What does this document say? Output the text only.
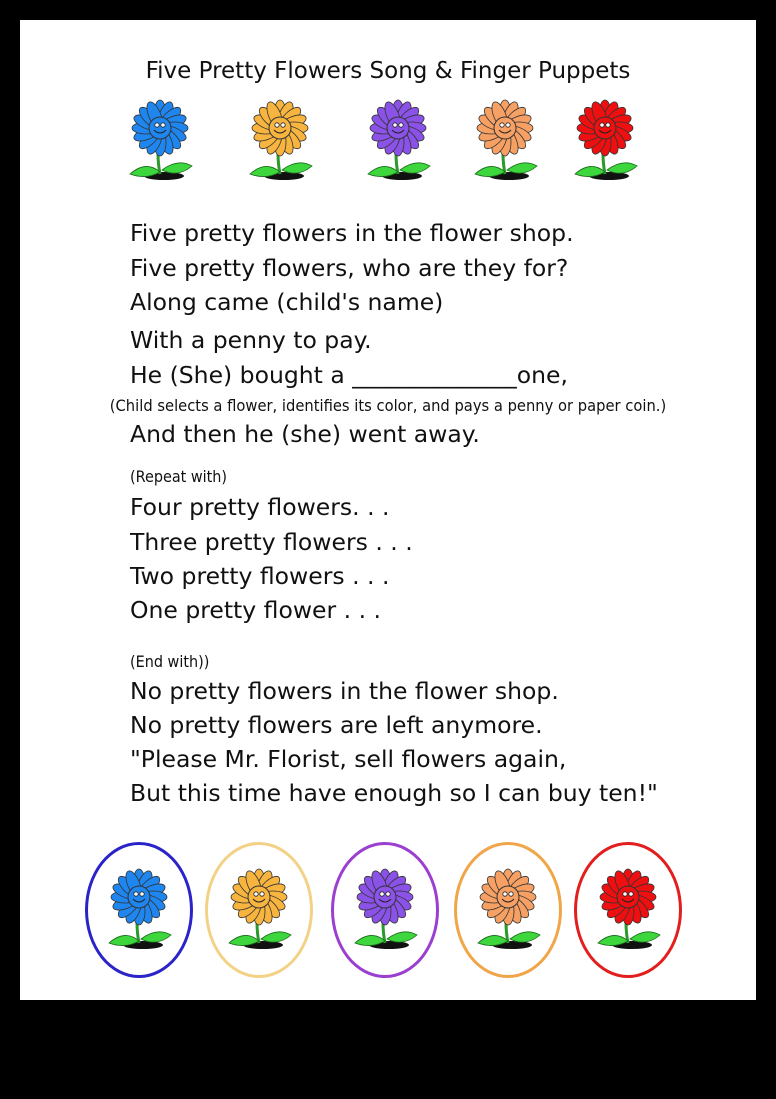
Five Pretty Flowers Song & Finger Puppets
Five pretty flowers in the flower shop.
Five pretty flowers, who are they for?
Along came (child's name)
With a penny to pay.
He (She) bought a ______________one,
(Child selects a flower, identifies its color, and pays a penny or paper coin.)
And then he (she) went away.
(Repeat with)
Four pretty flowers. . .
Three pretty flowers . . .
Two pretty flowers . . .
One pretty flower . . .
(End with))
No pretty flowers in the flower shop.
No pretty flowers are left anymore.
"Please Mr. Florist, sell flowers again,
But this time have enough so I can buy ten!"
